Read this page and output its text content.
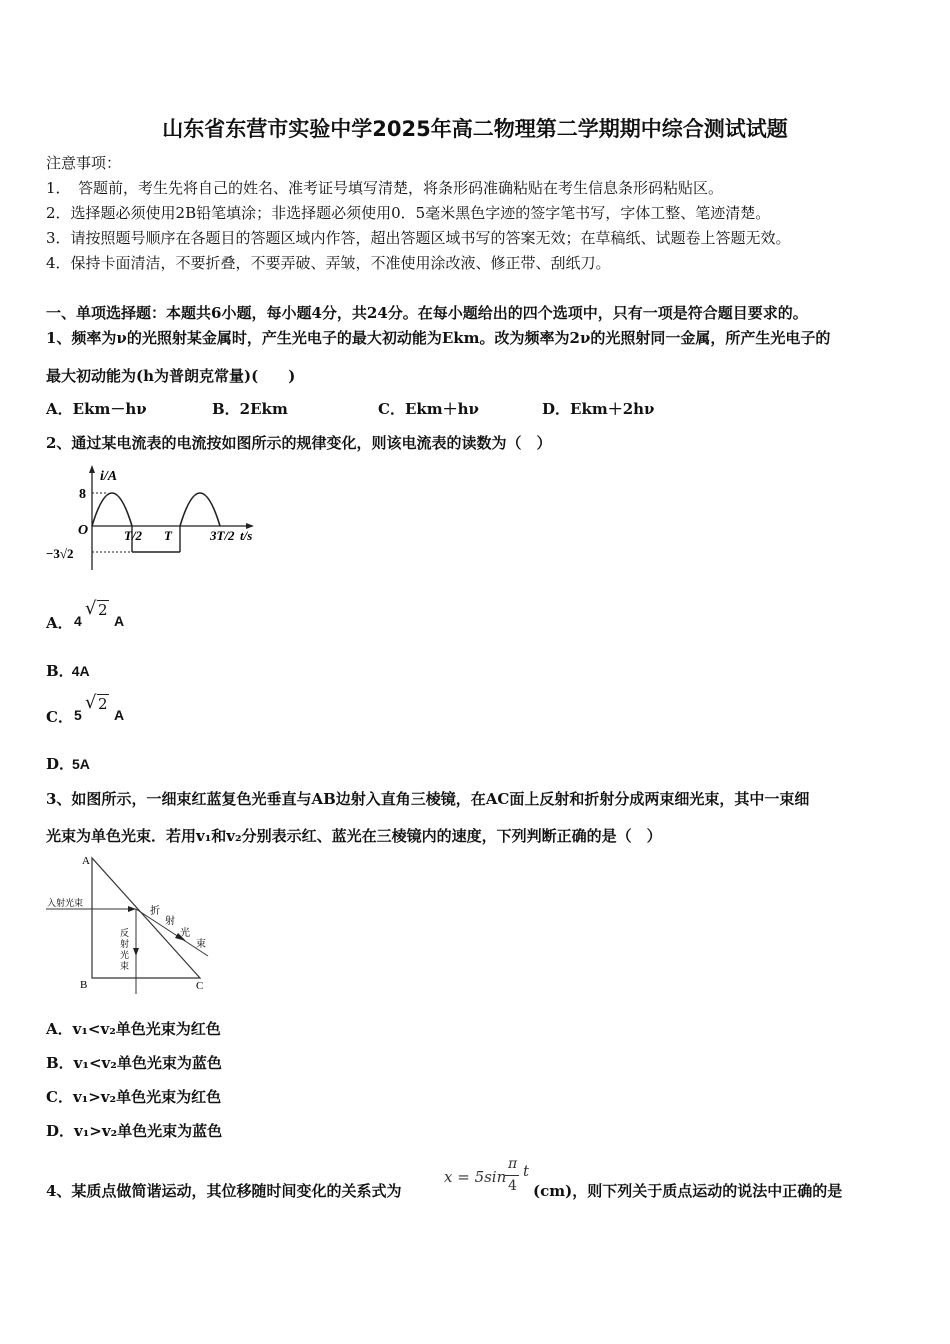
山东省东营市实验中学2025年高二物理第二学期期中综合测试试题
注意事项：
1．　答题前，考生先将自己的姓名、准考证号填写清楚，将条形码准确粘贴在考生信息条形码粘贴区。
2．选择题必须使用2B铅笔填涂；非选择题必须使用0．5毫米黑色字迹的签字笔书写，字体工整、笔迹清楚。
3．请按照题号顺序在各题目的答题区域内作答，超出答题区域书写的答案无效；在草稿纸、试题卷上答题无效。
4．保持卡面清洁，不要折叠，不要弄破、弄皱，不准使用涂改液、修正带、刮纸刀。
一、单项选择题：本题共6小题，每小题4分，共24分。在每小题给出的四个选项中，只有一项是符合题目要求的。
1、频率为ν的光照射某金属时，产生光电子的最大初动能为Ekm。改为频率为2ν的光照射同一金属，所产生光电子的
最大初动能为(h为普朗克常量)(　　)
A．Ekm－hν	B．2Ekm	C．Ekm＋hν	D．Ekm＋2hν
2、通过某电流表的电流按如图所示的规律变化，则该电流表的读数为（　）
i/A
8
O
−3√2
T/2 T	3T/2 t/s
A． 4
√ 2
A
B．4A
C． 5
√ 2
A
D．5A
3、如图所示，一细束红蓝复色光垂直与AB边射入直角三棱镜，在AC面上反射和折射分成两束细光束，其中一束细
光束为单色光束．若用v₁和v₂分别表示红、蓝光在三棱镜内的速度，下列判断正确的是（　）
A
B	C
入射光束
折
射
光
束
反
射
光
束
A．v₁<v₂单色光束为红色
B．v₁<v₂单色光束为蓝色
C．v₁>v₂单色光束为红色
D．v₁>v₂单色光束为蓝色
4、某质点做简谐运动，其位移随时间变化的关系式为
x = 5sin
π
4
t
(cm)，则下列关于质点运动的说法中正确的是
